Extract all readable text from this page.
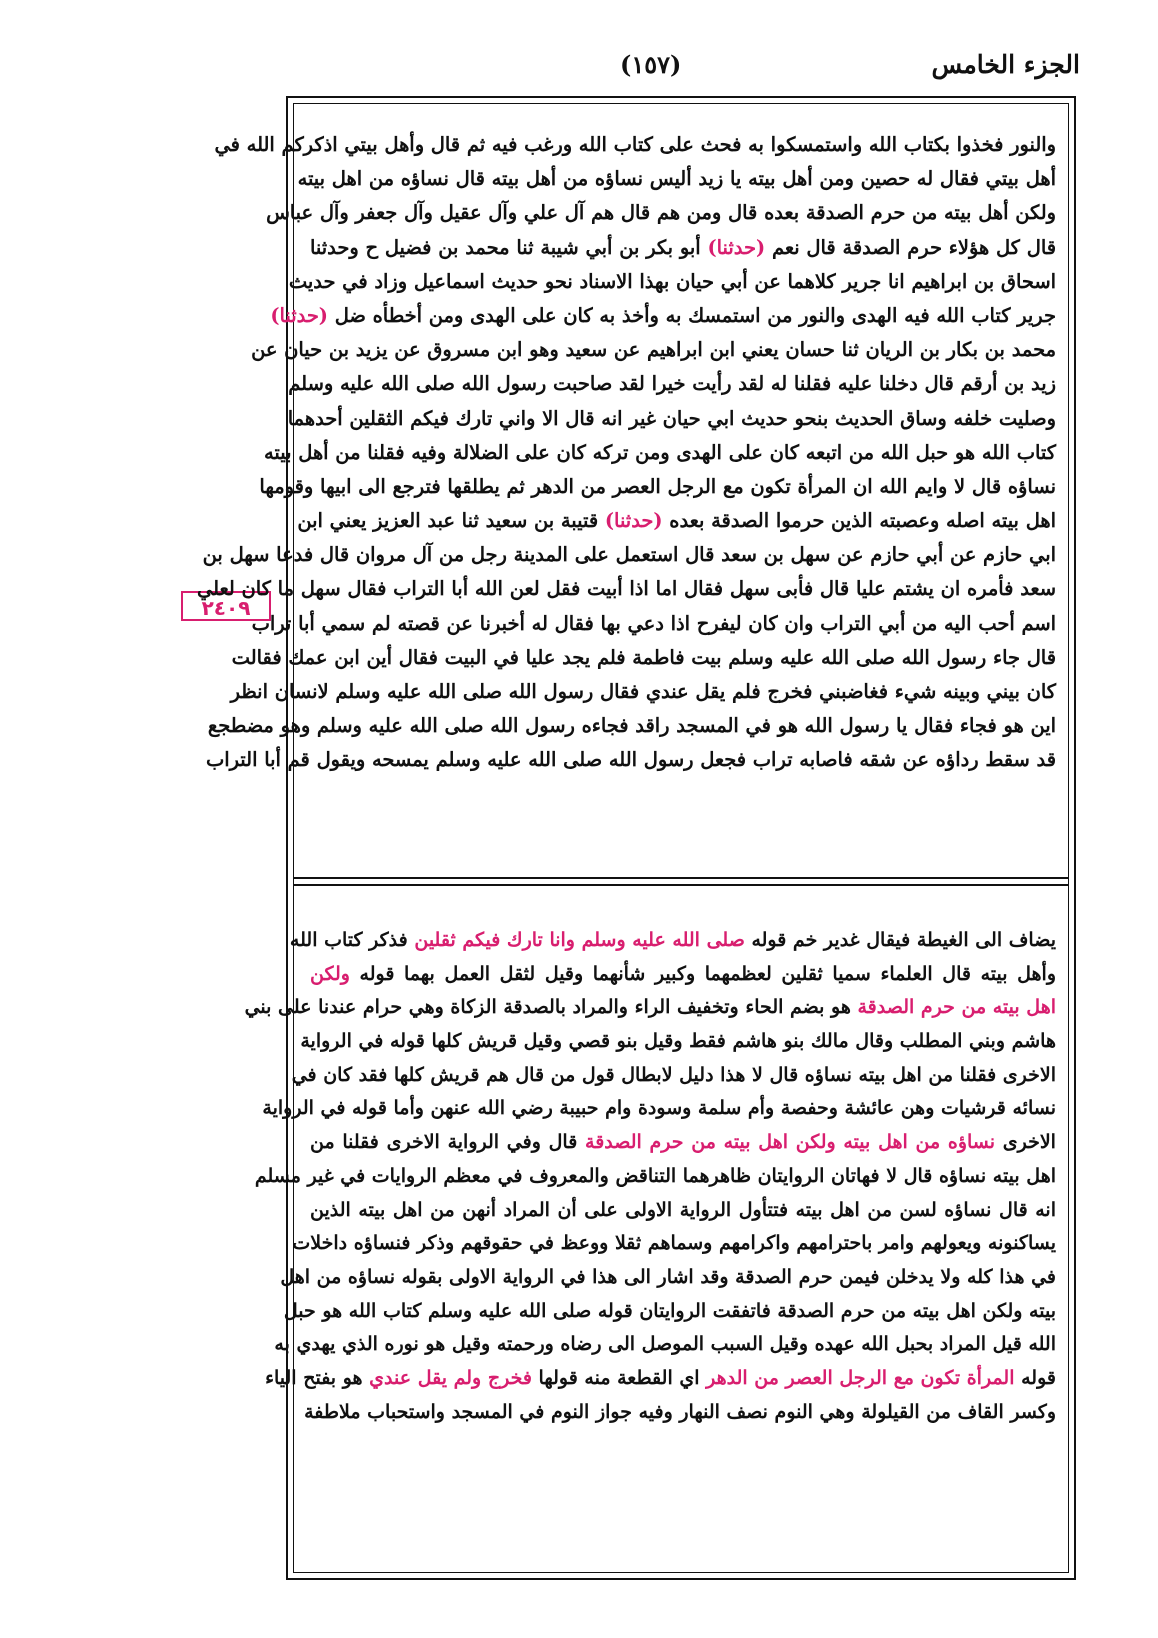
الجزء الخامس
(١٥٧)
٢٤٠٩
والنور فخذوا بكتاب الله واستمسكوا به فحث على كتاب الله ورغب فيه ثم قال وأهل بيتي اذكركم الله في
أهل بيتي فقال له حصين ومن أهل بيته يا زيد أليس نساؤه من أهل بيته قال نساؤه من اهل بيته
ولكن أهل بيته من حرم الصدقة بعده قال ومن هم قال هم آل علي وآل عقيل وآل جعفر وآل عباس
قال كل هؤلاء حرم الصدقة قال نعم (حدثنا) أبو بكر بن أبي شيبة ثنا محمد بن فضيل ح وحدثنا
اسحاق بن ابراهيم انا جرير كلاهما عن أبي حيان بهذا الاسناد نحو حديث اسماعيل وزاد في حديث
جرير كتاب الله فيه الهدى والنور من استمسك به وأخذ به كان على الهدى ومن أخطأه ضل (حدثنا)
محمد بن بكار بن الريان ثنا حسان يعني ابن ابراهيم عن سعيد وهو ابن مسروق عن يزيد بن حيان عن
زيد بن أرقم قال دخلنا عليه فقلنا له لقد رأيت خيرا لقد صاحبت رسول الله صلى الله عليه وسلم
وصليت خلفه وساق الحديث بنحو حديث ابي حيان غير انه قال الا واني تارك فيكم الثقلين أحدهما
كتاب الله هو حبل الله من اتبعه كان على الهدى ومن تركه كان على الضلالة وفيه فقلنا من أهل بيته
نساؤه قال لا وايم الله ان المرأة تكون مع الرجل العصر من الدهر ثم يطلقها فترجع الى ابيها وقومها
اهل بيته اصله وعصبته الذين حرموا الصدقة بعده (حدثنا) قتيبة بن سعيد ثنا عبد العزيز يعني ابن
ابي حازم عن أبي حازم عن سهل بن سعد قال استعمل على المدينة رجل من آل مروان قال فدعا سهل بن
سعد فأمره ان يشتم عليا قال فأبى سهل فقال اما اذا أبيت فقل لعن الله أبا التراب فقال سهل ما كان لعلي
اسم أحب اليه من أبي التراب وان كان ليفرح اذا دعي بها فقال له أخبرنا عن قصته لم سمي أبا تراب
قال جاء رسول الله صلى الله عليه وسلم بيت فاطمة فلم يجد عليا في البيت فقال أين ابن عمك فقالت
كان بيني وبينه شيء فغاضبني فخرج فلم يقل عندي فقال رسول الله صلى الله عليه وسلم لانسان انظر
اين هو فجاء فقال يا رسول الله هو في المسجد راقد فجاءه رسول الله صلى الله عليه وسلم وهو مضطجع
قد سقط رداؤه عن شقه فاصابه تراب فجعل رسول الله صلى الله عليه وسلم يمسحه ويقول قم أبا التراب
يضاف الى الغيطة فيقال غدير خم قوله صلى الله عليه وسلم وانا تارك فيكم ثقلين فذكر كتاب الله
وأهل بيته قال العلماء سميا ثقلين لعظمهما وكبير شأنهما وقيل لثقل العمل بهما قوله ولكن
اهل بيته من حرم الصدقة هو بضم الحاء وتخفيف الراء والمراد بالصدقة الزكاة وهي حرام عندنا على بني
هاشم وبني المطلب وقال مالك بنو هاشم فقط وقيل بنو قصي وقيل قريش كلها قوله في الرواية
الاخرى فقلنا من اهل بيته نساؤه قال لا هذا دليل لابطال قول من قال هم قريش كلها فقد كان في
نسائه قرشيات وهن عائشة وحفصة وأم سلمة وسودة وام حبيبة رضي الله عنهن وأما قوله في الرواية
الاخرى نساؤه من اهل بيته ولكن اهل بيته من حرم الصدقة قال وفي الرواية الاخرى فقلنا من
اهل بيته نساؤه قال لا فهاتان الروايتان ظاهرهما التناقض والمعروف في معظم الروايات في غير مسلم
انه قال نساؤه لسن من اهل بيته فتتأول الرواية الاولى على أن المراد أنهن من اهل بيته الذين
يساكنونه ويعولهم وامر باحترامهم واكرامهم وسماهم ثقلا ووعظ في حقوقهم وذكر فنساؤه داخلات
في هذا كله ولا يدخلن فيمن حرم الصدقة وقد اشار الى هذا في الرواية الاولى بقوله نساؤه من اهل
بيته ولكن اهل بيته من حرم الصدقة فاتفقت الروايتان قوله صلى الله عليه وسلم كتاب الله هو حبل
الله قيل المراد بحبل الله عهده وقيل السبب الموصل الى رضاه ورحمته وقيل هو نوره الذي يهدي به
قوله المرأة تكون مع الرجل العصر من الدهر اي القطعة منه قولها فخرج ولم يقل عندي هو بفتح الياء
وكسر القاف من القيلولة وهي النوم نصف النهار وفيه جواز النوم في المسجد واستحباب ملاطفة
